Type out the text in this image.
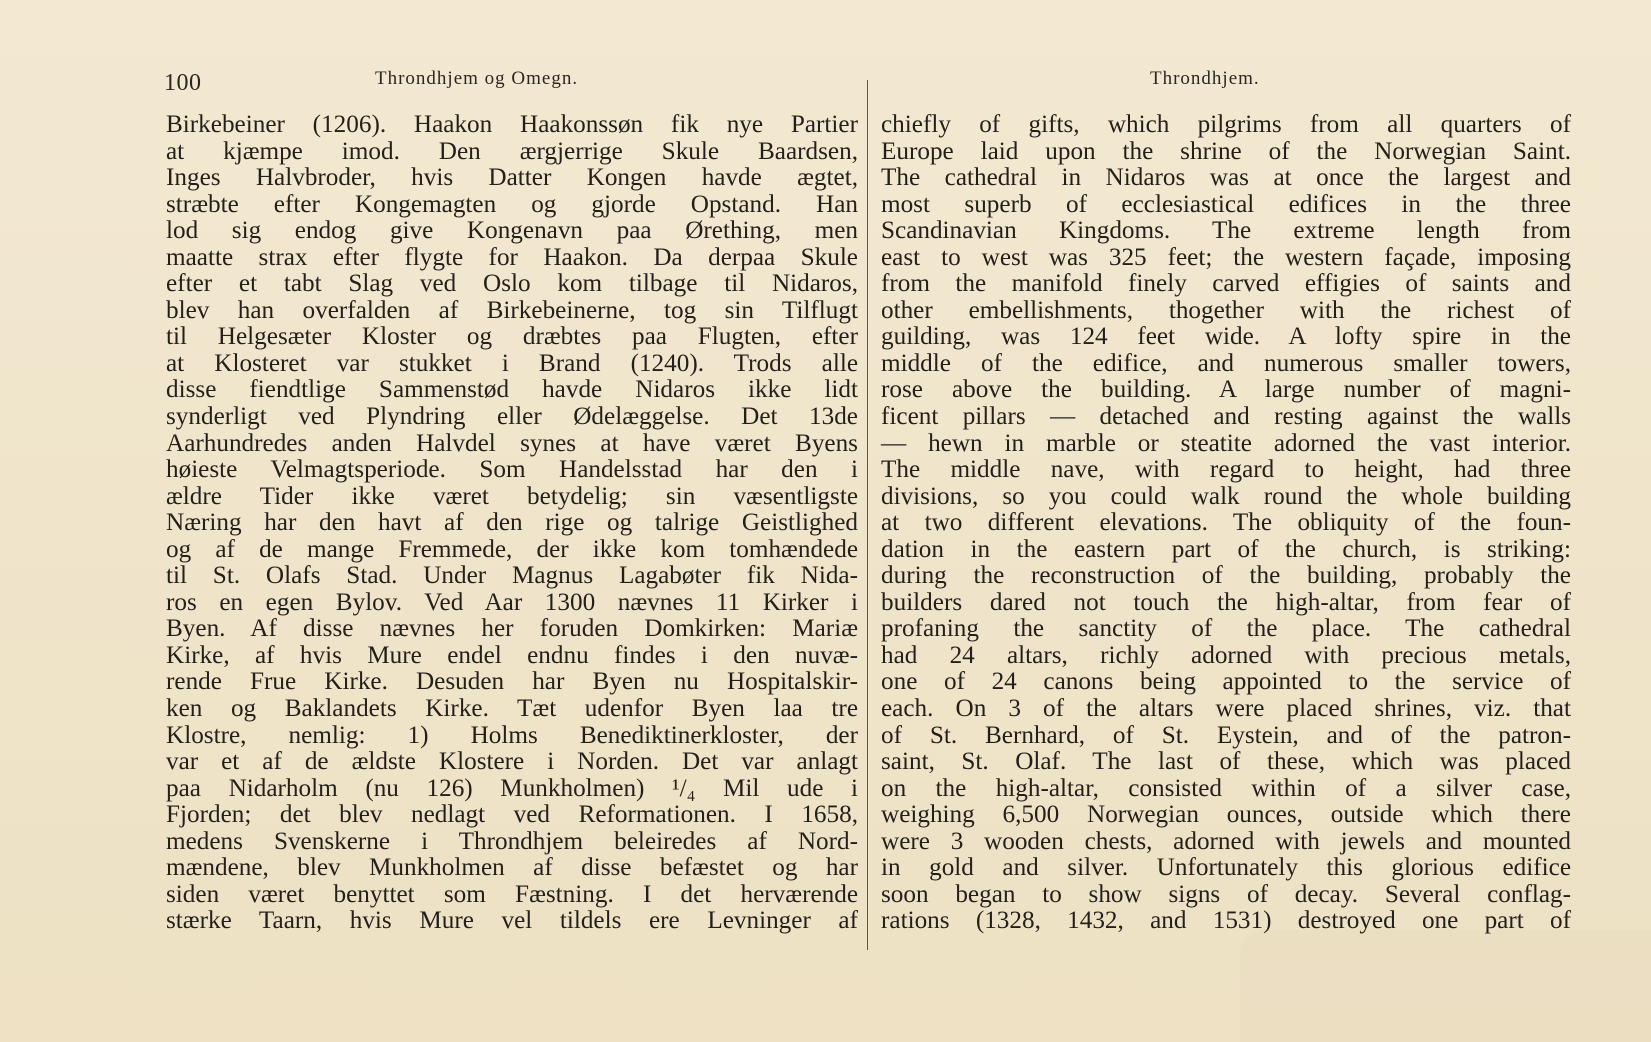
100	Throndhjem og Omegn.	Throndhjem.
Birkebeiner (1206). Haakon Haakonssøn fik nye Partier
at kjæmpe imod. Den ærgjerrige Skule Baardsen,
Inges Halvbroder, hvis Datter Kongen havde ægtet,
stræbte efter Kongemagten og gjorde Opstand. Han
lod sig endog give Kongenavn paa Ørething, men
maatte strax efter flygte for Haakon. Da derpaa Skule
efter et tabt Slag ved Oslo kom tilbage til Nidaros,
blev han overfalden af Birkebeinerne, tog sin Tilflugt
til Helgesæter Kloster og dræbtes paa Flugten, efter
at Klosteret var stukket i Brand (1240). Trods alle
disse fiendtlige Sammenstød havde Nidaros ikke lidt
synderligt ved Plyndring eller Ødelæggelse. Det 13de
Aarhundredes anden Halvdel synes at have været Byens
høieste Velmagtsperiode. Som Handelsstad har den i
ældre Tider ikke været betydelig; sin væsentligste
Næring har den havt af den rige og talrige Geistlighed
og af de mange Fremmede, der ikke kom tomhændede
til St. Olafs Stad. Under Magnus Lagabøter fik Nida-
ros en egen Bylov. Ved Aar 1300 nævnes 11 Kirker i
Byen. Af disse nævnes her foruden Domkirken: Mariæ
Kirke, af hvis Mure endel endnu findes i den nuvæ-
rende Frue Kirke. Desuden har Byen nu Hospitalskir-
ken og Baklandets Kirke. Tæt udenfor Byen laa tre
Klostre, nemlig: 1) Holms Benediktinerkloster, der
var et af de ældste Klostere i Norden. Det var anlagt
paa Nidarholm (nu 126) Munkholmen) ¹/₄ Mil ude i
Fjorden; det blev nedlagt ved Reformationen. I 1658,
medens Svenskerne i Throndhjem beleiredes af Nord-
mændene, blev Munkholmen af disse befæstet og har
siden været benyttet som Fæstning. I det herværende
stærke Taarn, hvis Mure vel tildels ere Levninger af
chiefly of gifts, which pilgrims from all quarters of
Europe laid upon the shrine of the Norwegian Saint.
The cathedral in Nidaros was at once the largest and
most superb of ecclesiastical edifices in the three
Scandinavian Kingdoms. The extreme length from
east to west was 325 feet; the western façade, imposing
from the manifold finely carved effigies of saints and
other embellishments, thogether with the richest of
guilding, was 124 feet wide. A lofty spire in the
middle of the edifice, and numerous smaller towers,
rose above the building. A large number of magni-
ficent pillars — detached and resting against the walls
— hewn in marble or steatite adorned the vast interior.
The middle nave, with regard to height, had three
divisions, so you could walk round the whole building
at two different elevations. The obliquity of the foun-
dation in the eastern part of the church, is striking:
during the reconstruction of the building, probably the
builders dared not touch the high-altar, from fear of
profaning the sanctity of the place. The cathedral
had 24 altars, richly adorned with precious metals,
one of 24 canons being appointed to the service of
each. On 3 of the altars were placed shrines, viz. that
of St. Bernhard, of St. Eystein, and of the patron-
saint, St. Olaf. The last of these, which was placed
on the high-altar, consisted within of a silver case,
weighing 6,500 Norwegian ounces, outside which there
were 3 wooden chests, adorned with jewels and mounted
in gold and silver. Unfortunately this glorious edifice
soon began to show signs of decay. Several conflag-
rations (1328, 1432, and 1531) destroyed one part of
